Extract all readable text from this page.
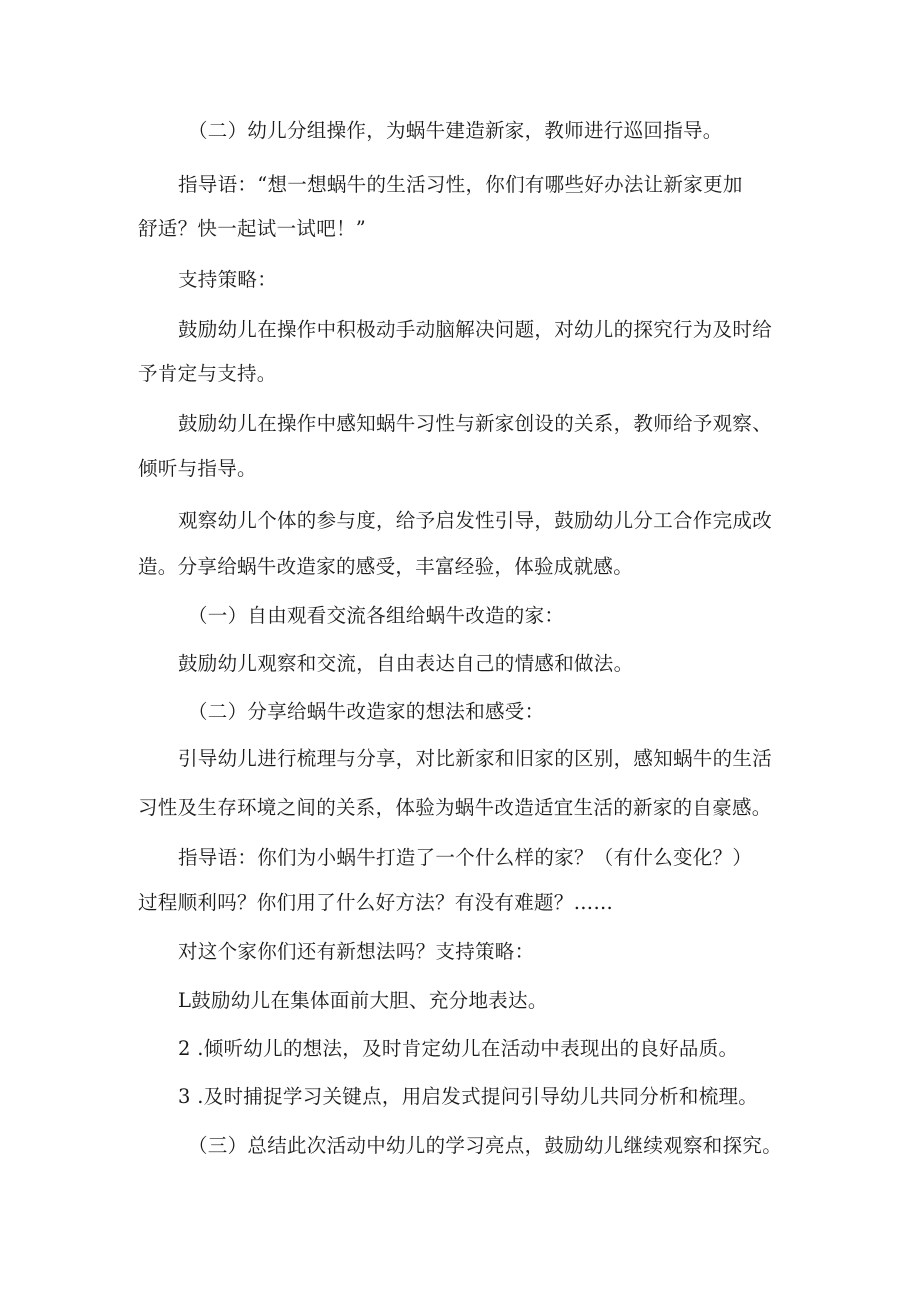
（二）幼儿分组操作，为蜗牛建造新家，教师进行巡回指导。
指导语：“想一想蜗牛的生活习性，你们有哪些好办法让新家更加
舒适？快一起试一试吧！”
支持策略：
鼓励幼儿在操作中积极动手动脑解决问题，对幼儿的探究行为及时给
予肯定与支持。
鼓励幼儿在操作中感知蜗牛习性与新家创设的关系，教师给予观察、
倾听与指导。
观察幼儿个体的参与度，给予启发性引导，鼓励幼儿分工合作完成改
造。分享给蜗牛改造家的感受，丰富经验，体验成就感。
（一）自由观看交流各组给蜗牛改造的家：
鼓励幼儿观察和交流，自由表达自己的情感和做法。
（二）分享给蜗牛改造家的想法和感受：
引导幼儿进行梳理与分享，对比新家和旧家的区别，感知蜗牛的生活
习性及生存环境之间的关系，体验为蜗牛改造适宜生活的新家的自豪感。
指导语：你们为小蜗牛打造了一个什么样的家？（有什么变化？）
过程顺利吗？你们用了什么好方法？有没有难题？……
对这个家你们还有新想法吗？支持策略：
L鼓励幼儿在集体面前大胆、充分地表达。
2 .倾听幼儿的想法，及时肯定幼儿在活动中表现出的良好品质。
3 .及时捕捉学习关键点，用启发式提问引导幼儿共同分析和梳理。
（三）总结此次活动中幼儿的学习亮点，鼓励幼儿继续观察和探究。
